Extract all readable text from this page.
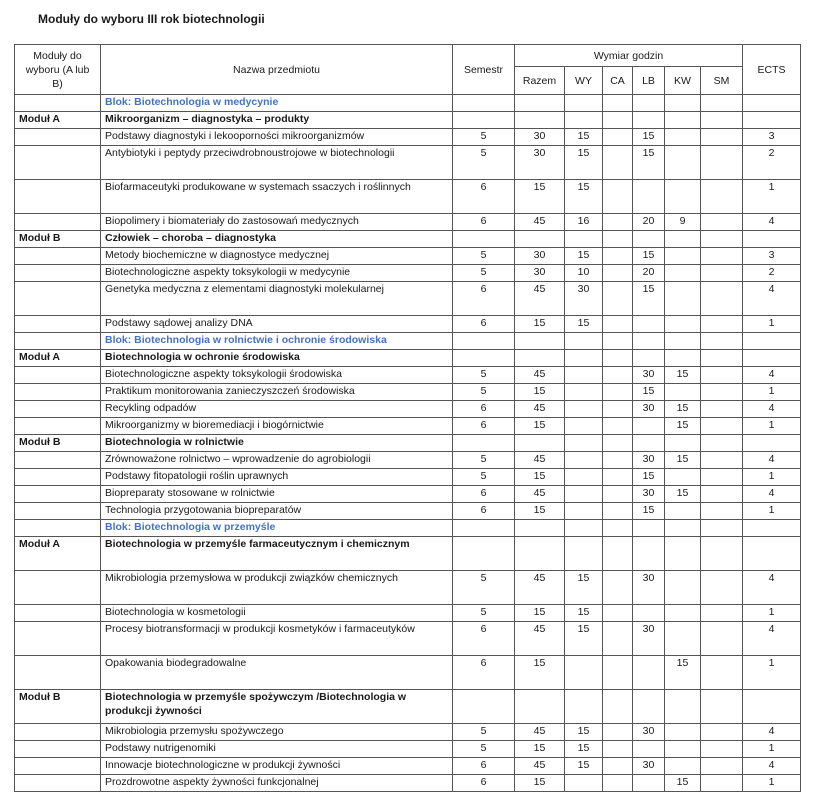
Moduły do wyboru III rok biotechnologii
Moduły do wyboru (A lub B)	Nazwa przedmiotu	Semestr	Wymiar godzin						ECTS
			Razem	WY	CA	LB	KW	SM	
	Blok: Biotechnologia w medycynie								
Moduł A	Mikroorganizm – diagnostyka – produkty								
	Podstawy diagnostyki i lekooporności mikroorganizmów	5	30	15		15			3
	Antybiotyki i peptydy przeciwdrobnoustrojowe w biotechnologii	5	30	15		15			2
	Biofarmaceutyki produkowane w systemach ssaczych i roślinnych	6	15	15					1
	Biopolimery i biomateriały do zastosowań medycznych	6	45	16		20	9		4
Moduł B	Człowiek – choroba – diagnostyka								
	Metody biochemiczne w diagnostyce medycznej	5	30	15		15			3
	Biotechnologiczne aspekty toksykologii w medycynie	5	30	10		20			2
	Genetyka medyczna z elementami diagnostyki molekularnej	6	45	30		15			4
	Podstawy sądowej analizy DNA	6	15	15					1
	Blok: Biotechnologia w rolnictwie i ochronie środowiska								
Moduł A	Biotechnologia w ochronie środowiska								
	Biotechnologiczne aspekty toksykologii środowiska	5	45			30	15		4
	Praktikum monitorowania zanieczyszczeń środowiska	5	15			15			1
	Recykling odpadów	6	45			30	15		4
	Mikroorganizmy w bioremediacji i biogórnictwie	6	15				15		1
Moduł B	Biotechnologia w rolnictwie								
	Zrównoważone rolnictwo – wprowadzenie do agrobiologii	5	45			30	15		4
	Podstawy fitopatologii roślin uprawnych	5	15			15			1
	Biopreparaty stosowane w rolnictwie	6	45			30	15		4
	Technologia przygotowania biopreparatów	6	15			15			1
	Blok: Biotechnologia w przemyśle								
Moduł A	Biotechnologia w przemyśle farmaceutycznym i chemicznym								
	Mikrobiologia przemysłowa w produkcji związków chemicznych	5	45	15		30			4
	Biotechnologia w kosmetologii	5	15	15					1
	Procesy biotransformacji w produkcji kosmetyków i farmaceutyków	6	45	15		30			4
	Opakowania biodegradowalne	6	15				15		1
Moduł B	Biotechnologia w przemyśle spożywczym /Biotechnologia w produkcji żywności								
	Mikrobiologia przemysłu spożywczego	5	45	15		30			4
	Podstawy nutrigenomiki	5	15	15					1
	Innowacje biotechnologiczne w produkcji żywności	6	45	15		30			4
	Prozdrowotne aspekty żywności funkcjonalnej	6	15				15		1
